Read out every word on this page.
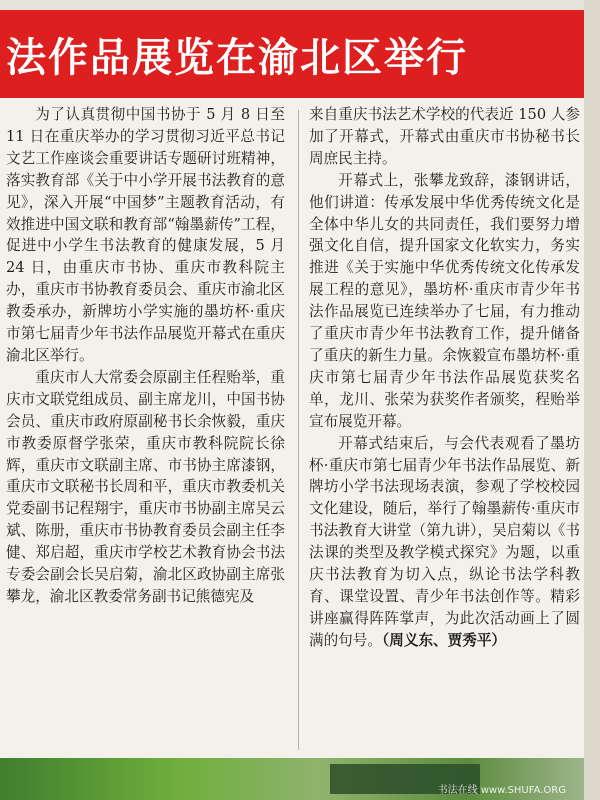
法作品展览在渝北区举行

为了认真贯彻中国书协于 5 月 8 日至 11 日在重庆举办的学习贯彻习近平总书记文艺工作座谈会重要讲话专题研讨班精神，落实教育部《关于中小学开展书法教育的意见》，深入开展“中国梦”主题教育活动，有效推进中国文联和教育部“翰墨薪传”工程，促进中小学生书法教育的健康发展，5 月 24 日，由重庆市书协、重庆市教科院主办，重庆市书协教育委员会、重庆市渝北区教委承办，新牌坊小学实施的墨坊杯·重庆市第七届青少年书法作品展览开幕式在重庆渝北区举行。

重庆市人大常委会原副主任程贻举，重庆市文联党组成员、副主席龙川，中国书协会员、重庆市政府原副秘书长余恢毅，重庆市教委原督学张荣，重庆市教科院院长徐辉，重庆市文联副主席、市书协主席漆钢，重庆市文联秘书长周和平，重庆市教委机关党委副书记程翔宇，重庆市书协副主席吴云斌、陈册，重庆市书协教育委员会副主任李健、郑启超，重庆市学校艺术教育协会书法专委会副会长吴启菊，渝北区政协副主席张攀龙，渝北区教委常务副书记熊德宪及

来自重庆书法艺术学校的代表近 150 人参加了开幕式，开幕式由重庆市书协秘书长周庶民主持。

开幕式上，张攀龙致辞，漆钢讲话，他们讲道：传承发展中华优秀传统文化是全体中华儿女的共同责任，我们要努力增强文化自信，提升国家文化软实力，务实推进《关于实施中华优秀传统文化传承发展工程的意见》，墨坊杯·重庆市青少年书法作品展览已连续举办了七届，有力推动了重庆市青少年书法教育工作，提升储备了重庆的新生力量。余恢毅宣布墨坊杯·重庆市第七届青少年书法作品展览获奖名单，龙川、张荣为获奖作者颁奖，程贻举宣布展览开幕。

开幕式结束后，与会代表观看了墨坊杯·重庆市第七届青少年书法作品展览、新牌坊小学书法现场表演，参观了学校校园文化建设，随后，举行了翰墨薪传·重庆市书法教育大讲堂（第九讲），吴启菊以《书法课的类型及教学模式探究》为题，以重庆书法教育为切入点，纵论书法学科教育、课堂设置、青少年书法创作等。精彩讲座赢得阵阵掌声，为此次活动画上了圆满的句号。（周义东、贾秀平）

书法在线 www.SHUFA.ORG
